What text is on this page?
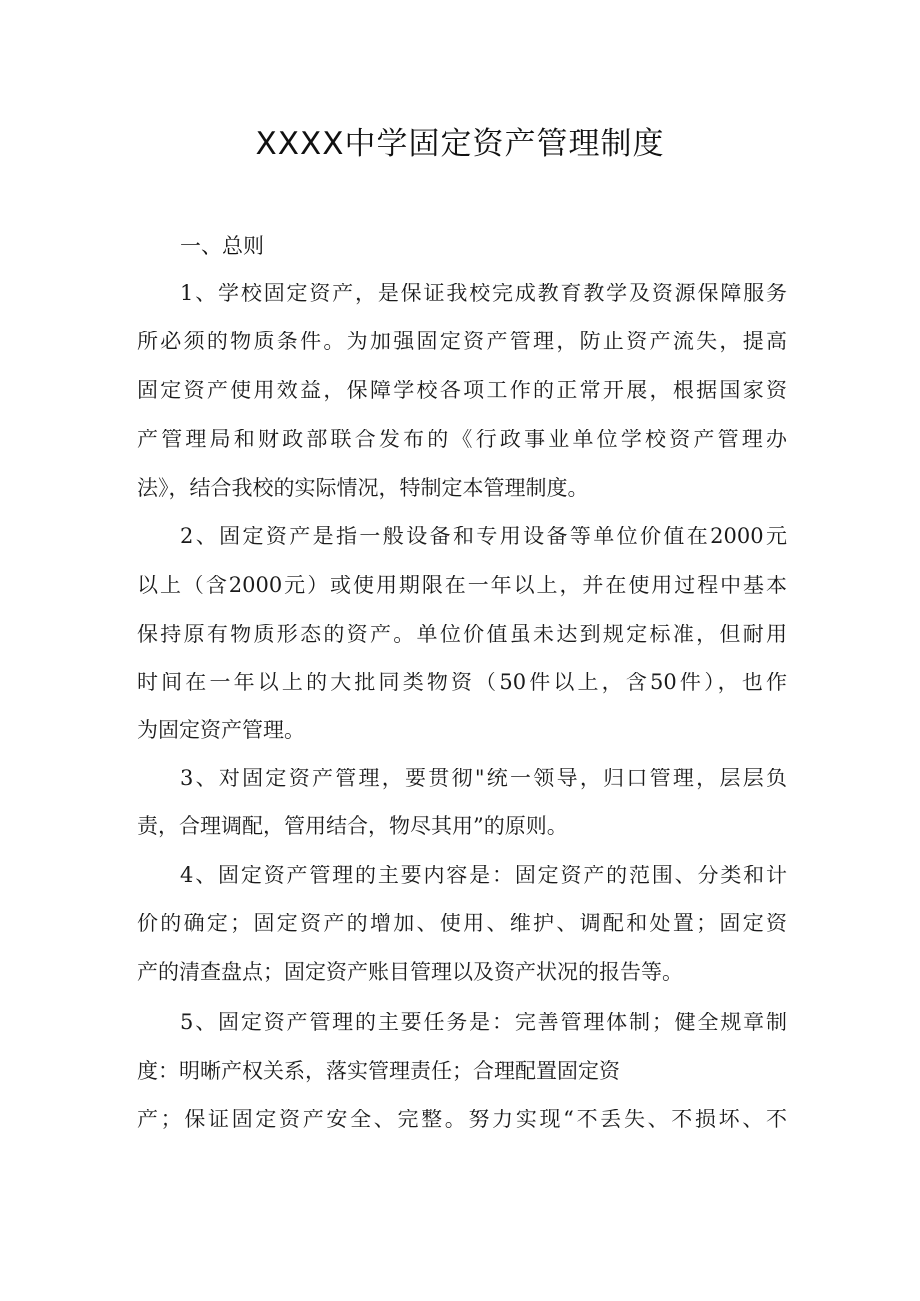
XXXX中学固定资产管理制度
一、总则
1、学校固定资产，是保证我校完成教育教学及资源保障服务
所必须的物质条件。为加强固定资产管理，防止资产流失，提高
固定资产使用效益，保障学校各项工作的正常开展，根据国家资
产管理局和财政部联合发布的《行政事业单位学校资产管理办
法》，结合我校的实际情况，特制定本管理制度。
2、固定资产是指一般设备和专用设备等单位价值在2000元
以上（含2000元）或使用期限在一年以上，并在使用过程中基本
保持原有物质形态的资产。单位价值虽未达到规定标准，但耐用
时间在一年以上的大批同类物资（50件以上，含50件），也作
为固定资产管理。
3、对固定资产管理，要贯彻"统一领导，归口管理，层层负
责，合理调配，管用结合，物尽其用”的原则。
4、固定资产管理的主要内容是：固定资产的范围、分类和计
价的确定；固定资产的增加、使用、维护、调配和处置；固定资
产的清查盘点；固定资产账目管理以及资产状况的报告等。
5、固定资产管理的主要任务是：完善管理体制；健全规章制
度：明晰产权关系，落实管理责任；合理配置固定资
产；保证固定资产安全、完整。努力实现“不丢失、不损坏、不
